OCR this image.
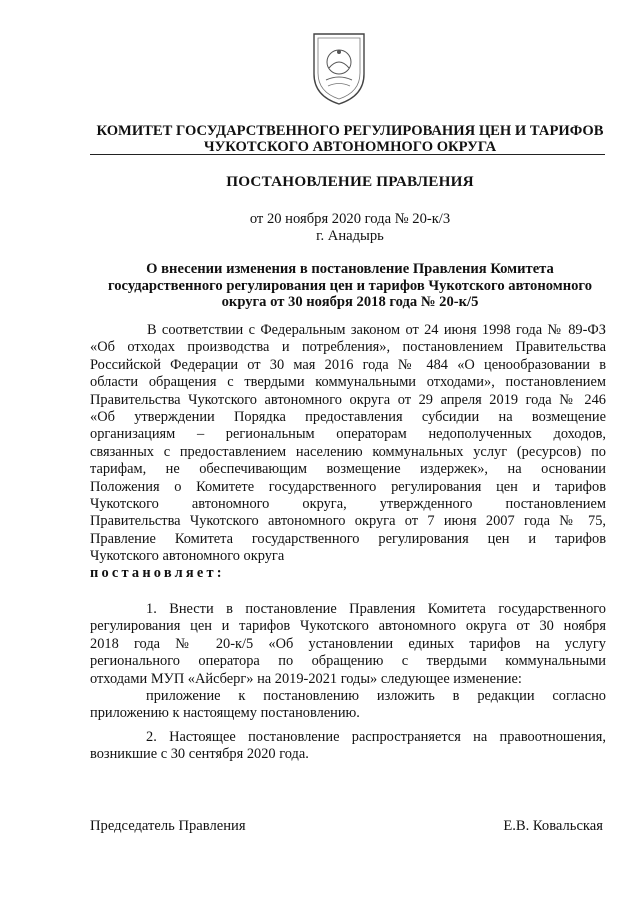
КОМИТЕТ ГОСУДАРСТВЕННОГО РЕГУЛИРОВАНИЯ ЦЕН И ТАРИФОВ
ЧУКОТСКОГО АВТОНОМНОГО ОКРУГА
ПОСТАНОВЛЕНИЕ ПРАВЛЕНИЯ
от 20 ноября 2020 года № 20-к/3
г. Анадырь
О внесении изменения в постановление Правления Комитета
государственного регулирования цен и тарифов Чукотского автономного
округа от 30 ноября 2018 года № 20-к/5
В соответствии с Федеральным законом от 24 июня 1998 года № 89-ФЗ
«Об отходах производства и потребления», постановлением Правительства
Российской Федерации от 30 мая 2016 года № 484 «О ценообразовании в
области обращения с твердыми коммунальными отходами», постановлением
Правительства Чукотского автономного округа от 29 апреля 2019 года № 246
«Об утверждении Порядка предоставления субсидии на возмещение
организациям – региональным операторам недополученных доходов,
связанных с предоставлением населению коммунальных услуг (ресурсов) по
тарифам, не обеспечивающим возмещение издержек», на основании
Положения о Комитете государственного регулирования цен и тарифов
Чукотского автономного округа, утвержденного постановлением
Правительства Чукотского автономного округа от 7 июня 2007 года № 75,
Правление Комитета государственного регулирования цен и тарифов
Чукотского автономного округа
постановляет:
1. Внести в постановление Правления Комитета государственного
регулирования цен и тарифов Чукотского автономного округа от 30 ноября
2018 года № 20-к/5 «Об установлении единых тарифов на услугу
регионального оператора по обращению с твердыми коммунальными
отходами МУП «Айсберг» на 2019-2021 годы» следующее изменение:
приложение к постановлению изложить в редакции согласно
приложению к настоящему постановлению.
2. Настоящее постановление распространяется на правоотношения,
возникшие с 30 сентября 2020 года.
Председатель Правления	Е.В. Ковальская
